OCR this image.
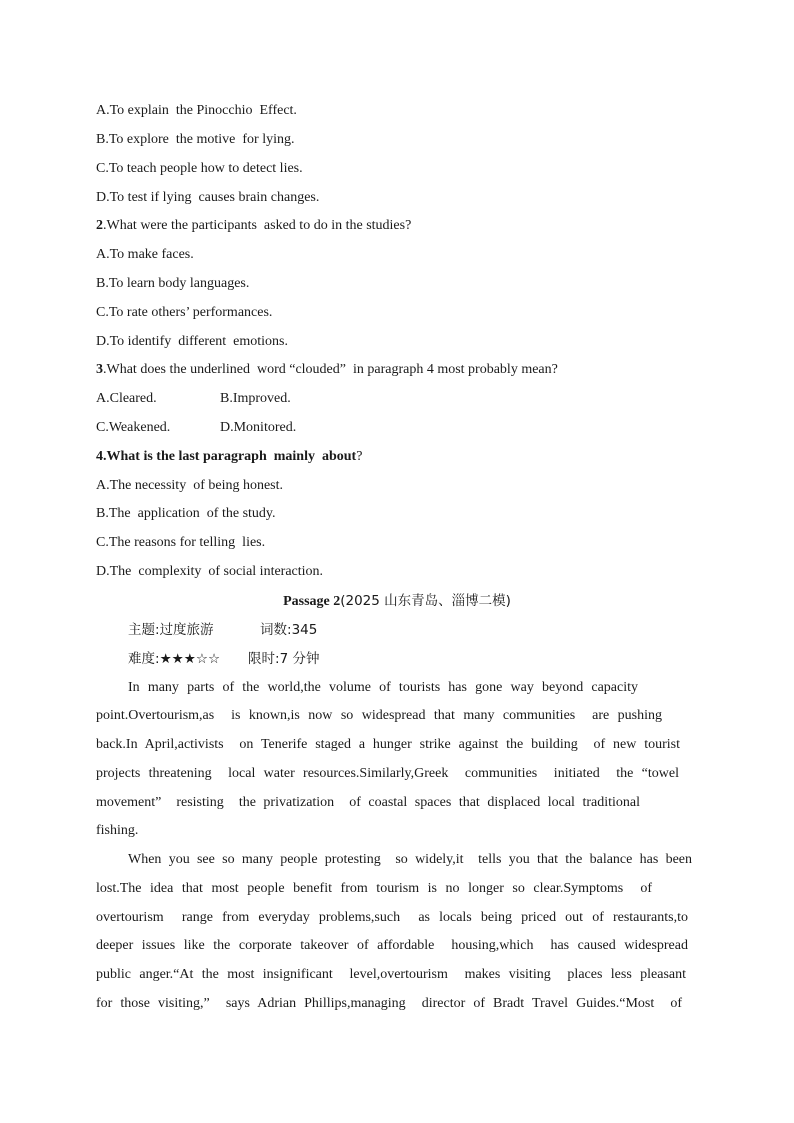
A.To explain  the Pinocchio  Effect.
B.To explore  the motive  for lying.
C.To teach people how to detect lies.
D.To test if lying  causes brain changes.
2.What were the participants  asked to do in the studies?
A.To make faces.
B.To learn body languages.
C.To rate others’ performances.
D.To identify  different  emotions.
3.What does the underlined  word “clouded”  in paragraph 4 most probably mean?
A.Cleared.	B.Improved.
C.Weakened.	D.Monitored.
4.What is the last paragraph  mainly  about?
A.The necessity  of being honest.
B.The  application  of the study.
C.The reasons for telling  lies.
D.The  complexity  of social interaction.
Passage 2(2025 山东青岛、淄博二模)
主题:过度旅游	词数:345
难度:★★★☆☆ 限时:7 分钟
In many parts of the world,the volume of tourists has gone way beyond capacity
point.Overtourism,as  is known,is now so widespread that many communities  are pushing
back.In April,activists  on Tenerife staged a hunger strike against the building  of new tourist
projects threatening  local water resources.Similarly,Greek  communities  initiated  the “towel
movement”  resisting  the privatization  of coastal spaces that displaced local traditional
fishing.
When you see so many people protesting  so widely,it  tells you that the balance has been
lost.The idea that most people benefit from tourism is no longer so clear.Symptoms  of
overtourism  range from everyday problems,such  as locals being priced out of restaurants,to
deeper issues like the corporate takeover of affordable  housing,which  has caused widespread
public anger.“At the most insignificant  level,overtourism  makes visiting  places less pleasant
for those visiting,”  says Adrian Phillips,managing  director of Bradt Travel Guides.“Most  of
